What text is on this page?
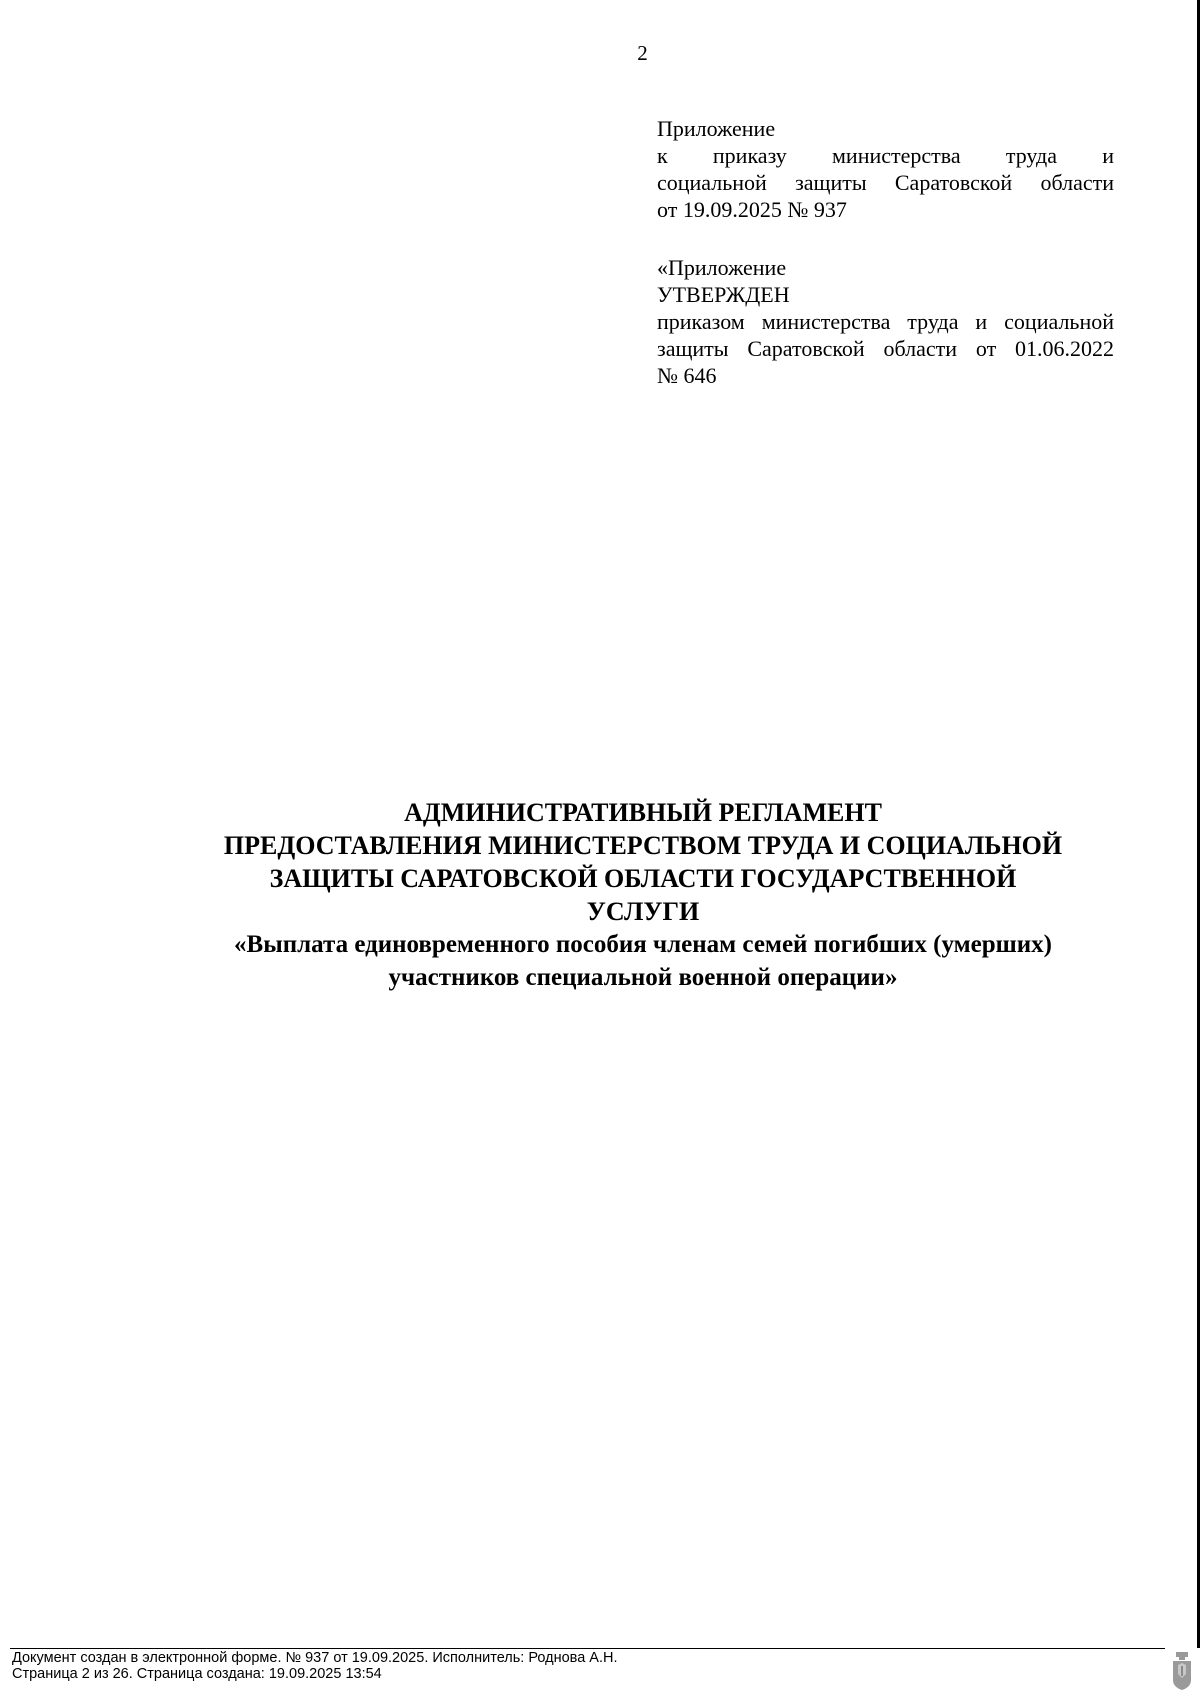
2
Приложение
к приказу министерства труда и
социальной защиты Саратовской области
от 19.09.2025 № 937
«Приложение
УТВЕРЖДЕН
приказом министерства труда и социальной
защиты Саратовской области от 01.06.2022
№ 646
АДМИНИСТРАТИВНЫЙ РЕГЛАМЕНТ
ПРЕДОСТАВЛЕНИЯ МИНИСТЕРСТВОМ ТРУДА И СОЦИАЛЬНОЙ
ЗАЩИТЫ САРАТОВСКОЙ ОБЛАСТИ ГОСУДАРСТВЕННОЙ
УСЛУГИ
«Выплата единовременного пособия членам семей погибших (умерших)
участников специальной военной операции»
Документ создан в электронной форме. № 937 от 19.09.2025. Исполнитель: Роднова А.Н.
Страница 2 из 26. Страница создана: 19.09.2025 13:54
